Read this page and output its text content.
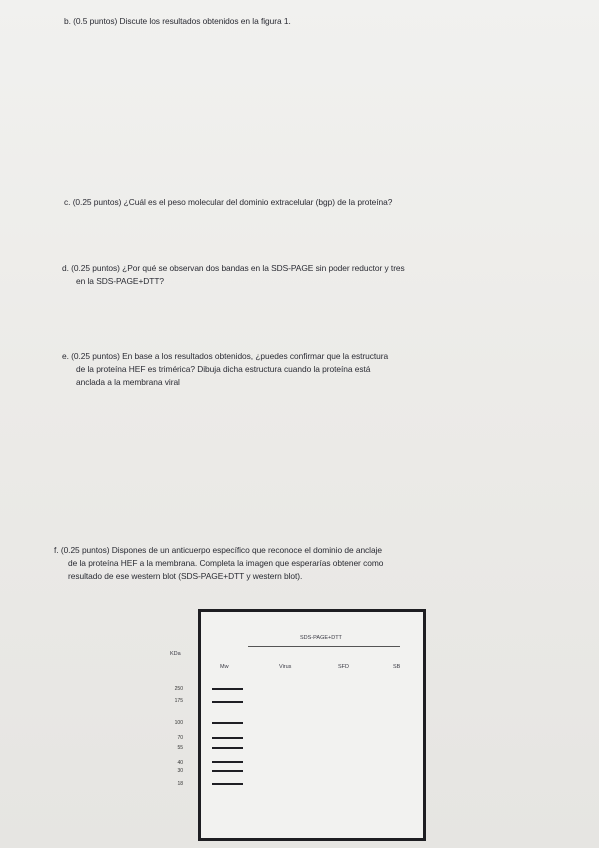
b. (0.5 puntos) Discute los resultados obtenidos en la figura 1.
c. (0.25 puntos) ¿Cuál es el peso molecular del dominio extracelular (bgp) de la proteína?
d. (0.25 puntos) ¿Por qué se observan dos bandas en la SDS-PAGE sin poder reductor y tres
en la SDS-PAGE+DTT?
e. (0.25 puntos) En base a los resultados obtenidos, ¿puedes confirmar que la estructura
de la proteína HEF es trimérica? Dibuja dicha estructura cuando la proteína está
anclada a la membrana viral
f. (0.25 puntos) Dispones de un anticuerpo específico que reconoce el dominio de anclaje
de la proteína HEF a la membrana. Completa la imagen que esperarías obtener como
resultado de ese western blot (SDS-PAGE+DTT y western blot).
KDa
SDS-PAGE+DTT
Mw	Virus	SFD	SB
250
175
100
70
55
40
30
18
